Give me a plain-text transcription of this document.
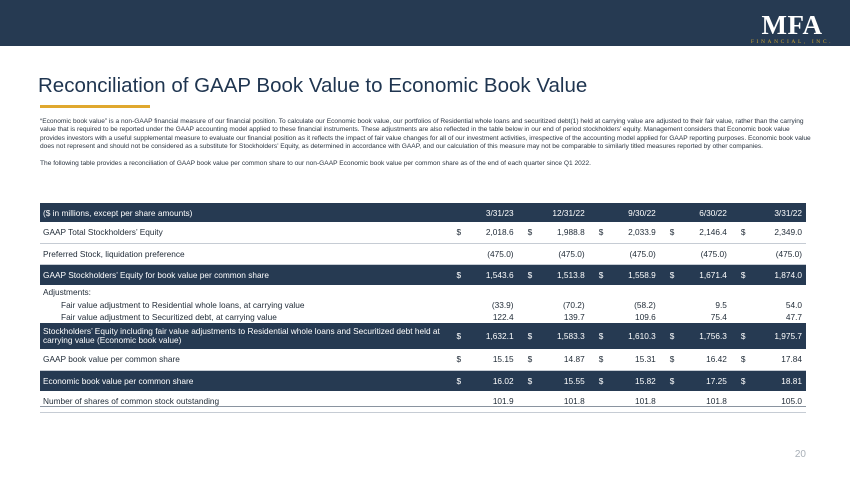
MFA
FINANCIAL, INC.
Reconciliation of GAAP Book Value to Economic Book Value

“Economic book value” is a non-GAAP financial measure of our financial position. To calculate our Economic book value, our portfolios of Residential whole loans and securitized debt(1) held at carrying value are adjusted to their fair value, rather than the carrying value that is required to be reported under the GAAP accounting model applied to these financial instruments. These adjustments are also reflected in the table below in our end of period stockholders’ equity. Management considers that Economic book value provides investors with a useful supplemental measure to evaluate our financial position as it reflects the impact of fair value changes for all of our investment activities, irrespective of the accounting model applied for GAAP reporting purposes. Economic book value does not represent and should not be considered as a substitute for Stockholders’ Equity, as determined in accordance with GAAP, and our calculation of this measure may not be comparable to similarly titled measures reported by other companies.

The following table provides a reconciliation of GAAP book value per common share to our non-GAAP Economic book value per common share as of the end of each quarter since Q1 2022.

($ in millions, except per share amounts)	3/31/23		12/31/22		9/30/22		6/30/22		3/31/22	
GAAP Total Stockholders’ Equity	$	2,018.6	$	1,988.8	$	2,033.9	$	2,146.4	$	2,349.0
Preferred Stock, liquidation preference		(475.0)		(475.0)		(475.0)		(475.0)		(475.0)
GAAP Stockholders’ Equity for book value per common share	$	1,543.6	$	1,513.8	$	1,558.9	$	1,671.4	$	1,874.0
Adjustments:										
Fair value adjustment to Residential whole loans, at carrying value		(33.9)		(70.2)		(58.2)		9.5		54.0
Fair value adjustment to Securitized debt, at carrying value		122.4		139.7		109.6		75.4		47.7
Stockholders’ Equity including fair value adjustments to Residential whole loans and Securitized debt held at carrying value (Economic book value)	$	1,632.1	$	1,583.3	$	1,610.3	$	1,756.3	$	1,975.7
GAAP book value per common share	$	15.15	$	14.87	$	15.31	$	16.42	$	17.84
Economic book value per common share	$	16.02	$	15.55	$	15.82	$	17.25	$	18.81
Number of shares of common stock outstanding		101.9		101.8		101.8		101.8		105.0
20
